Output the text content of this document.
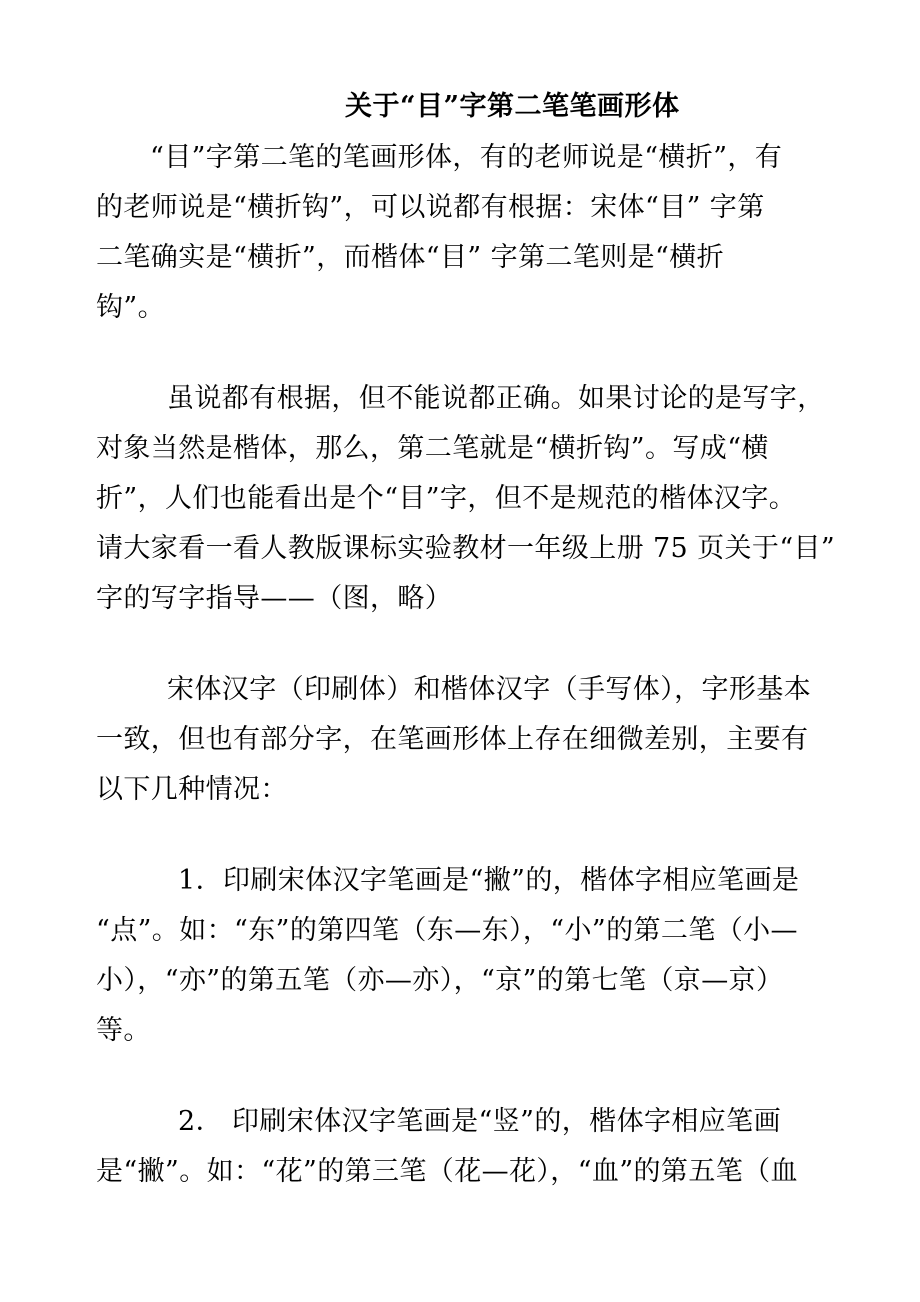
关于“目”字第二笔笔画形体

“目”字第二笔的笔画形体，有的老师说是“横折”，有

的老师说是“横折钩”，可以说都有根据：宋体“目” 字第

二笔确实是“横折”，而楷体“目” 字第二笔则是“横折

钩”。

虽说都有根据，但不能说都正确。如果讨论的是写字，

对象当然是楷体，那么，第二笔就是“横折钩”。写成“横

折”，人们也能看出是个“目”字，但不是规范的楷体汉字。

请大家看一看人教版课标实验教材一年级上册 75 页关于“目”

字的写字指导——（图，略）

宋体汉字（印刷体）和楷体汉字（手写体），字形基本

一致，但也有部分字，在笔画形体上存在细微差别，主要有

以下几种情况：

1．印刷宋体汉字笔画是“撇”的，楷体字相应笔画是

“点”。如：“东”的第四笔（东—东），“小”的第二笔（小—

小），“亦”的第五笔（亦—亦），“京”的第七笔（京—京）

等。

2． 印刷宋体汉字笔画是“竖”的，楷体字相应笔画

是“撇”。如：“花”的第三笔（花—花），“血”的第五笔（血
